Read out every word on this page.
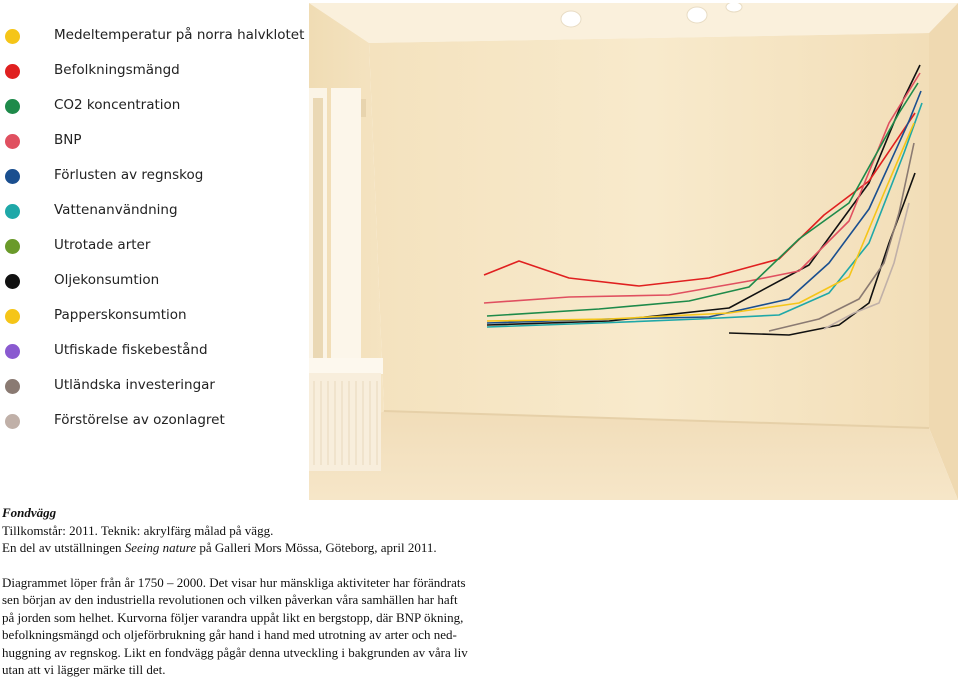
Medeltemperatur på norra halvklotet
Befolkningsmängd
CO2 koncentration
BNP
Förlusten av regnskog
Vattenanvändning
Utrotade arter
Oljekonsumtion
Papperskonsumtion
Utfiskade fiskebestånd
Utländska investeringar
Förstörelse av ozonlagret

Fondvägg

Tillkomstår: 2011. Teknik: akrylfärg målad på vägg.

En del av utställningen Seeing nature på Galleri Mors Mössa, Göteborg, april 2011.

Diagrammet löper från år 1750 – 2000. Det visar hur mänskliga aktiviteter har förändrats

sen början av den industriella revolutionen och vilken påverkan våra samhällen har haft

på jorden som helhet. Kurvorna följer varandra uppåt likt en bergstopp, där BNP ökning,

befolkningsmängd och oljeförbrukning går hand i hand med utrotning av arter och ned-

huggning av regnskog. Likt en fondvägg pågår denna utveckling i bakgrunden av våra liv

utan att vi lägger märke till det.
